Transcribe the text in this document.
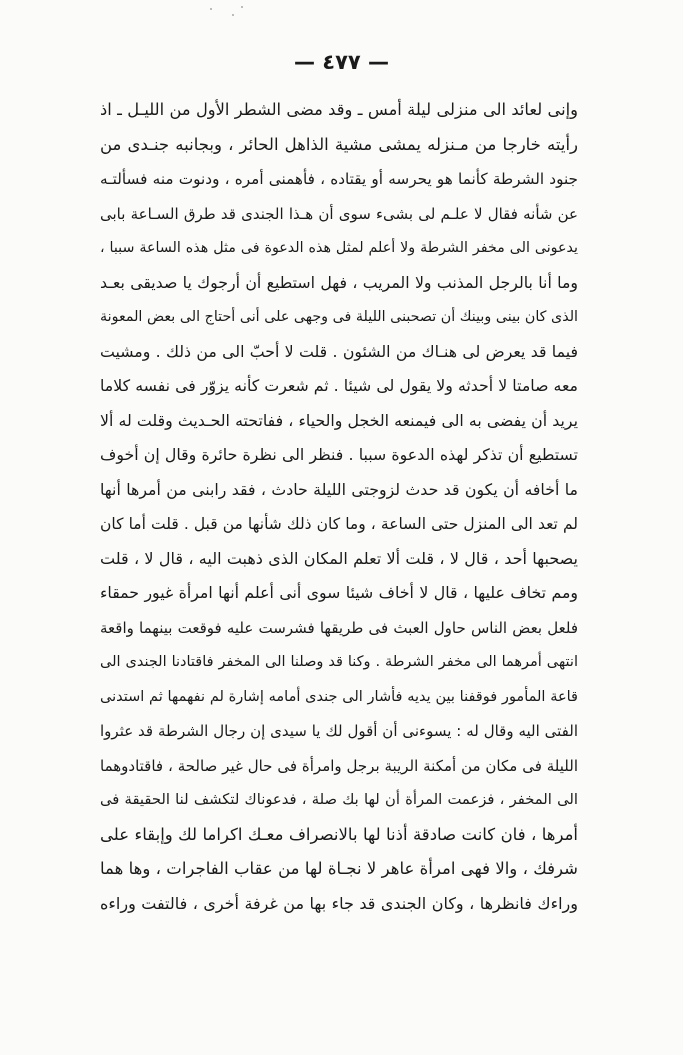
— ٤٧٧ —
وإنى لعائد الى منزلى ليلة أمس ـ وقد مضى الشطر الأول من الليـل ـ اذ
رأيته خارجا من مـنزله يمشى مشية الذاهل الحائر ، وبجانبه جنـدى من
جنود الشرطة كأنما هو يحرسه أو يقتاده ، فأهمنى أمره ، ودنوت منه فسألتـه
عن شأنه فقال لا علـم لى بشىء سوى أن هـذا الجندى قد طرق السـاعة بابى
يدعونى الى مخفر الشرطة ولا أعلم لمثل هذه الدعوة فى مثل هذه الساعة سببا ،
وما أنا بالرجل المذنب ولا المريب ، فهل استطيع أن أرجوك يا صديقى بعـد
الذى كان بينى وبينك أن تصحبنى الليلة فى وجهى على أنى أحتاج الى بعض المعونة
فيما قد يعرض لى هنـاك من الشئون . قلت لا أحبّ الى من ذلك . ومشيت
معه صامتا لا أحدثه ولا يقول لى شيئا . ثم شعرت كأنه يزوّر فى نفسه كلاما
يريد أن يفضى به الى فيمنعه الخجل والحياء ، ففاتحته الحـديث وقلت له ألا
تستطيع أن تذكر لهذه الدعوة سببا . فنظر الى نظرة حائرة وقال إن أخوف
ما أخافه أن يكون قد حدث لزوجتى الليلة حادث ، فقد رابنى من أمرها أنها
لم تعد الى المنزل حتى الساعة ، وما كان ذلك شأنها من قبل . قلت أما كان
يصحبها أحد ، قال لا ، قلت ألا تعلم المكان الذى ذهبت اليه ، قال لا ، قلت
ومم تخاف عليها ، قال لا أخاف شيئا سوى أنى أعلم أنها امرأة غيور حمقاء
فلعل بعض الناس حاول العبث فى طريقها فشرست عليه فوقعت بينهما واقعة
انتهى أمرهما الى مخفر الشرطة . وكنا قد وصلنا الى المخفر فاقتادنا الجندى الى
قاعة المأمور فوقفنا بين يديه فأشار الى جندى أمامه إشارة لم نفهمها ثم استدنى
الفتى اليه وقال له : يسوءنى أن أقول لك يا سيدى إن رجال الشرطة قد عثروا
الليلة فى مكان من أمكنة الريبة برجل وامرأة فى حال غير صالحة ، فاقتادوهما
الى المخفر ، فزعمت المرأة أن لها بك صلة ، فدعوناك لتكشف لنا الحقيقة فى
أمرها ، فان كانت صادقة أذنا لها بالانصراف معـك اكراما لك وإبقاء على
شرفك ، والا فهى امرأة عاهر لا نجـاة لها من عقاب الفاجرات ، وها هما
وراءك فانظرها ، وكان الجندى قد جاء بها من غرفة أخرى ، فالتفت وراءه
